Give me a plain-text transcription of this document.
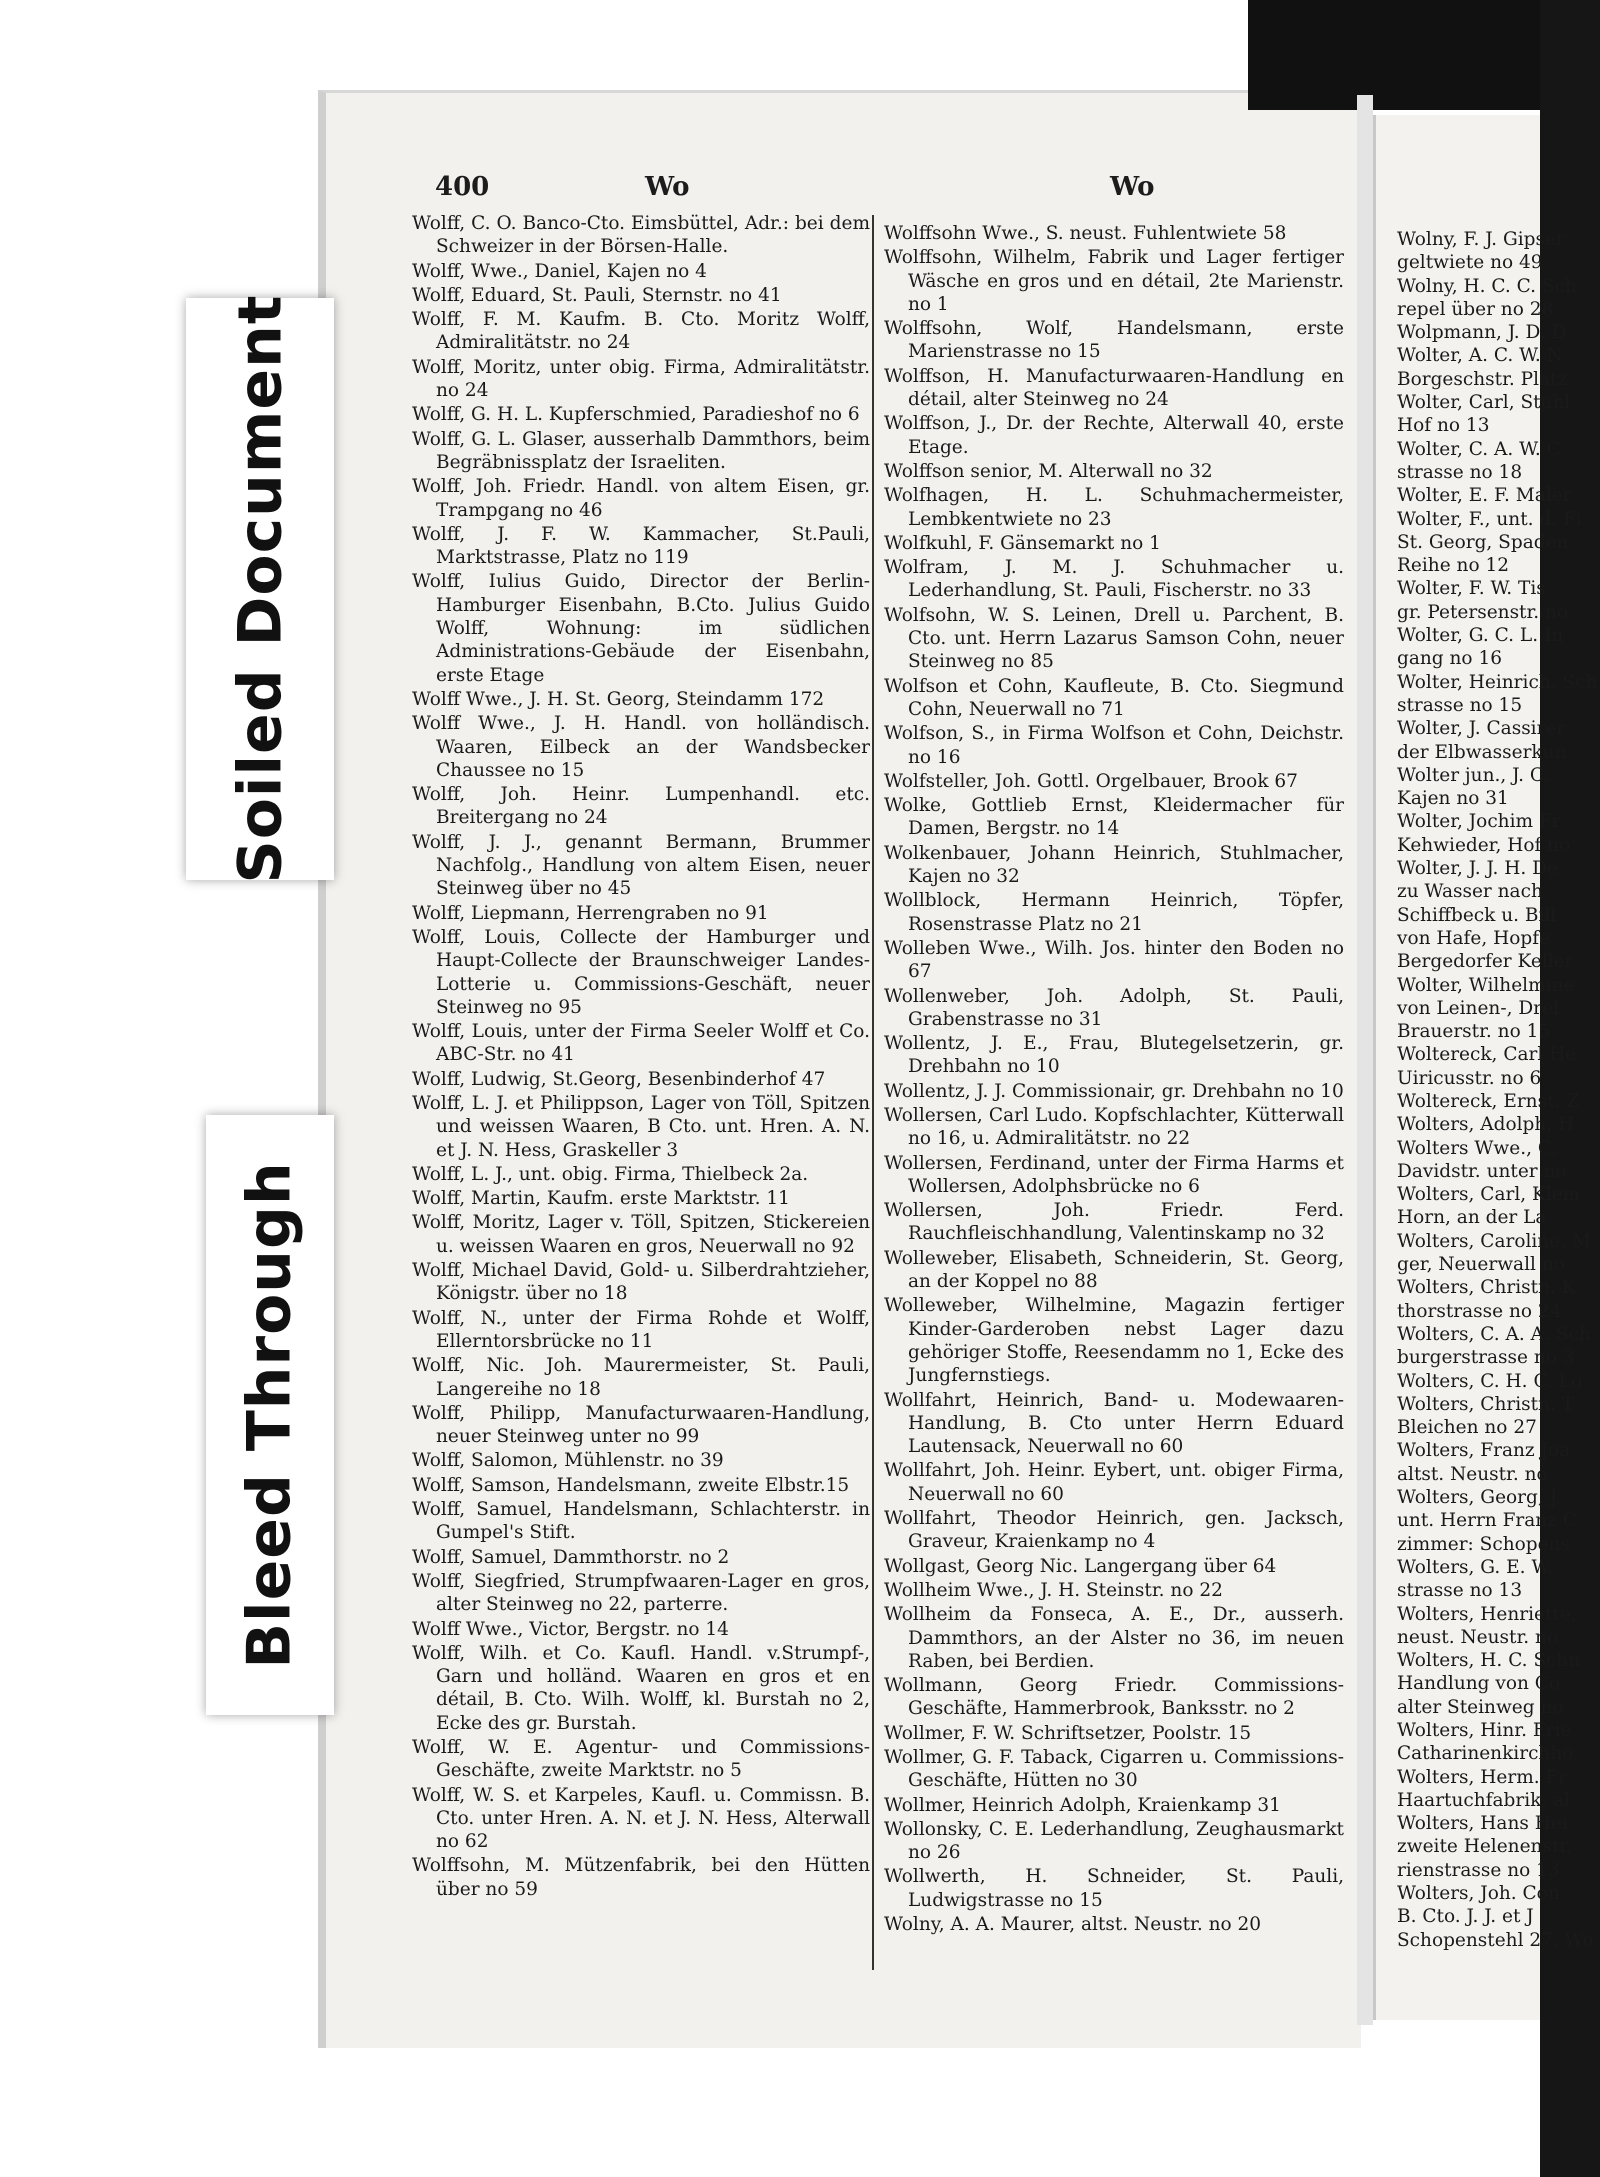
400	Wo	Wo
Wolff, C. O. Banco-Cto. Eimsbüttel, Adr.: bei dem Schweizer in der Börsen-Halle.
Wolff, Wwe., Daniel, Kajen no 4
Wolff, Eduard, St. Pauli, Sternstr. no 41
Wolff, F. M. Kaufm. B. Cto. Moritz Wolff, Admiralitätstr. no 24
Wolff, Moritz, unter obig. Firma, Admiralitätstr. no 24
Wolff, G. H. L. Kupferschmied, Paradieshof no 6
Wolff, G. L. Glaser, ausserhalb Dammthors, beim Begräbnissplatz der Israeliten.
Wolff, Joh. Friedr. Handl. von altem Eisen, gr. Trampgang no 46
Wolff, J. F. W. Kammacher, St.Pauli, Marktstrasse, Platz no 119
Wolff, Iulius Guido, Director der Berlin-Hamburger Eisenbahn, B.Cto. Julius Guido Wolff, Wohnung: im südlichen Administrations-Gebäude der Eisenbahn, erste Etage
Wolff Wwe., J. H. St. Georg, Steindamm 172
Wolff Wwe., J. H. Handl. von holländisch. Waaren, Eilbeck an der Wandsbecker Chaussee no 15
Wolff, Joh. Heinr. Lumpenhandl. etc. Breitergang no 24
Wolff, J. J., genannt Bermann, Brummer Nachfolg., Handlung von altem Eisen, neuer Steinweg über no 45
Wolff, Liepmann, Herrengraben no 91
Wolff, Louis, Collecte der Hamburger und Haupt-Collecte der Braunschweiger Landes-Lotterie u. Commissions-Geschäft, neuer Steinweg no 95
Wolff, Louis, unter der Firma Seeler Wolff et Co. ABC-Str. no 41
Wolff, Ludwig, St.Georg, Besenbinderhof 47
Wolff, L. J. et Philippson, Lager von Töll, Spitzen und weissen Waaren, B Cto. unt. Hren. A. N. et J. N. Hess, Graskeller 3
Wolff, L. J., unt. obig. Firma, Thielbeck 2a.
Wolff, Martin, Kaufm. erste Marktstr. 11
Wolff, Moritz, Lager v. Töll, Spitzen, Stickereien u. weissen Waaren en gros, Neuerwall no 92
Wolff, Michael David, Gold- u. Silberdrahtzieher, Königstr. über no 18
Wolff, N., unter der Firma Rohde et Wolff, Ellerntorsbrücke no 11
Wolff, Nic. Joh. Maurermeister, St. Pauli, Langereihe no 18
Wolff, Philipp, Manufacturwaaren-Handlung, neuer Steinweg unter no 99
Wolff, Salomon, Mühlenstr. no 39
Wolff, Samson, Handelsmann, zweite Elbstr.15
Wolff, Samuel, Handelsmann, Schlachterstr. in Gumpel's Stift.
Wolff, Samuel, Dammthorstr. no 2
Wolff, Siegfried, Strumpfwaaren-Lager en gros, alter Steinweg no 22, parterre.
Wolff Wwe., Victor, Bergstr. no 14
Wolff, Wilh. et Co. Kaufl. Handl. v.Strumpf-, Garn und holländ. Waaren en gros et en détail, B. Cto. Wilh. Wolff, kl. Burstah no 2, Ecke des gr. Burstah.
Wolff, W. E. Agentur- und Commissions-Geschäfte, zweite Marktstr. no 5
Wolff, W. S. et Karpeles, Kaufl. u. Commissn. B. Cto. unter Hren. A. N. et J. N. Hess, Alterwall no 62
Wolffsohn, M. Mützenfabrik, bei den Hütten über no 59
Wolffsohn Wwe., S. neust. Fuhlentwiete 58
Wolffsohn, Wilhelm, Fabrik und Lager fertiger Wäsche en gros und en détail, 2te Marienstr. no 1
Wolffsohn, Wolf, Handelsmann, erste Marienstrasse no 15
Wolffson, H. Manufacturwaaren-Handlung en détail, alter Steinweg no 24
Wolffson, J., Dr. der Rechte, Alterwall 40, erste Etage.
Wolffson senior, M. Alterwall no 32
Wolfhagen, H. L. Schuhmachermeister, Lembkentwiete no 23
Wolfkuhl, F. Gänsemarkt no 1
Wolfram, J. M. J. Schuhmacher u. Lederhandlung, St. Pauli, Fischerstr. no 33
Wolfsohn, W. S. Leinen, Drell u. Parchent, B. Cto. unt. Herrn Lazarus Samson Cohn, neuer Steinweg no 85
Wolfson et Cohn, Kaufleute, B. Cto. Siegmund Cohn, Neuerwall no 71
Wolfson, S., in Firma Wolfson et Cohn, Deichstr. no 16
Wolfsteller, Joh. Gottl. Orgelbauer, Brook 67
Wolke, Gottlieb Ernst, Kleidermacher für Damen, Bergstr. no 14
Wolkenbauer, Johann Heinrich, Stuhlmacher, Kajen no 32
Wollblock, Hermann Heinrich, Töpfer, Rosenstrasse Platz no 21
Wolleben Wwe., Wilh. Jos. hinter den Boden no 67
Wollenweber, Joh. Adolph, St. Pauli, Grabenstrasse no 31
Wollentz, J. E., Frau, Blutegelsetzerin, gr. Drehbahn no 10
Wollentz, J. J. Commissionair, gr. Drehbahn no 10
Wollersen, Carl Ludo. Kopfschlachter, Kütterwall no 16, u. Admiralitätstr. no 22
Wollersen, Ferdinand, unter der Firma Harms et Wollersen, Adolphsbrücke no 6
Wollersen, Joh. Friedr. Ferd. Rauchfleischhandlung, Valentinskamp no 32
Wolleweber, Elisabeth, Schneiderin, St. Georg, an der Koppel no 88
Wolleweber, Wilhelmine, Magazin fertiger Kinder-Garderoben nebst Lager dazu gehöriger Stoffe, Reesendamm no 1, Ecke des Jungfernstiegs.
Wollfahrt, Heinrich, Band- u. Modewaaren-Handlung, B. Cto unter Herrn Eduard Lautensack, Neuerwall no 60
Wollfahrt, Joh. Heinr. Eybert, unt. obiger Firma, Neuerwall no 60
Wollfahrt, Theodor Heinrich, gen. Jacksch, Graveur, Kraienkamp no 4
Wollgast, Georg Nic. Langergang über 64
Wollheim Wwe., J. H. Steinstr. no 22
Wollheim da Fonseca, A. E., Dr., ausserh. Dammthors, an der Alster no 36, im neuen Raben, bei Berdien.
Wollmann, Georg Friedr. Commissions-Geschäfte, Hammerbrook, Banksstr. no 2
Wollmer, F. W. Schriftsetzer, Poolstr. 15
Wollmer, G. F. Taback, Cigarren u. Commissions-Geschäfte, Hütten no 30
Wollmer, Heinrich Adolph, Kraienkamp 31
Wollonsky, C. E. Lederhandlung, Zeughausmarkt no 26
Wollwerth, H. Schneider, St. Pauli, Ludwigstrasse no 15
Wolny, A. A. Maurer, altst. Neustr. no 20
Wolny, F. J. Gipser
geltwiete no 49
Wolny, H. C. C. Sch
repel über no 28
Wolpmann, J. D. D
Wolter, A. C. W. N
Borgeschstr. Platz
Wolter, Carl, Stuhl
Hof no 13
Wolter, C. A. W. C
strasse no 18
Wolter, E. F. Maler
Wolter, F., unt. d. Fi
St. Georg, Spaden
Reihe no 12
Wolter, F. W. Tis
gr. Petersenstr. no
Wolter, G. C. L. In
gang no 16
Wolter, Heinrich, Sch
strasse no 15
Wolter, J. Cassirer
der Elbwasserkun
Wolter jun., J. C.
Kajen no 31
Wolter, Jochim Fr
Kehwieder, Hof no
Wolter, J. J. H. De
zu Wasser nach
Schiffbeck u. Bill
von Hafe, Hopfe
Bergedorfer Keller
Wolter, Wilhelmine
von Leinen-, Drel
Brauerstr. no 15
Woltereck, Carl He
Uiricusstr. no 6
Woltereck, Ernst, Z
Wolters, Adolph, H
Wolters Wwe., C.
Davidstr. unter no
Wolters, Carl, Klem
Horn, an der La
Wolters, Caroline, M
ger, Neuerwall no
Wolters, Christn. K
thorstrasse no 24
Wolters, C. A. A. Sch
burgerstrasse no 3
Wolters, C. H. C. Lo
Wolters, Christn. T
Bleichen no 27
Wolters, Franz Joa
altst. Neustr. no
Wolters, Georg, J.
unt. Herrn Franz C
zimmer: Schopens
Wolters, G. E. W.
strasse no 13
Wolters, Henriette,
neust. Neustr. no
Wolters, H. C. Schn
Handlung von Co
alter Steinweg no
Wolters, Hinr. Frie
Catharinenkirchho
Wolters, Herm. Fr
Haartuchfabrik, al
Wolters, Hans Hei
zweite Helenenstr.
rienstrasse no 13
Wolters, Joh. Con
B. Cto. J. J. et J
Schopenstehl 27, Wo
Soiled Document
Bleed Through
